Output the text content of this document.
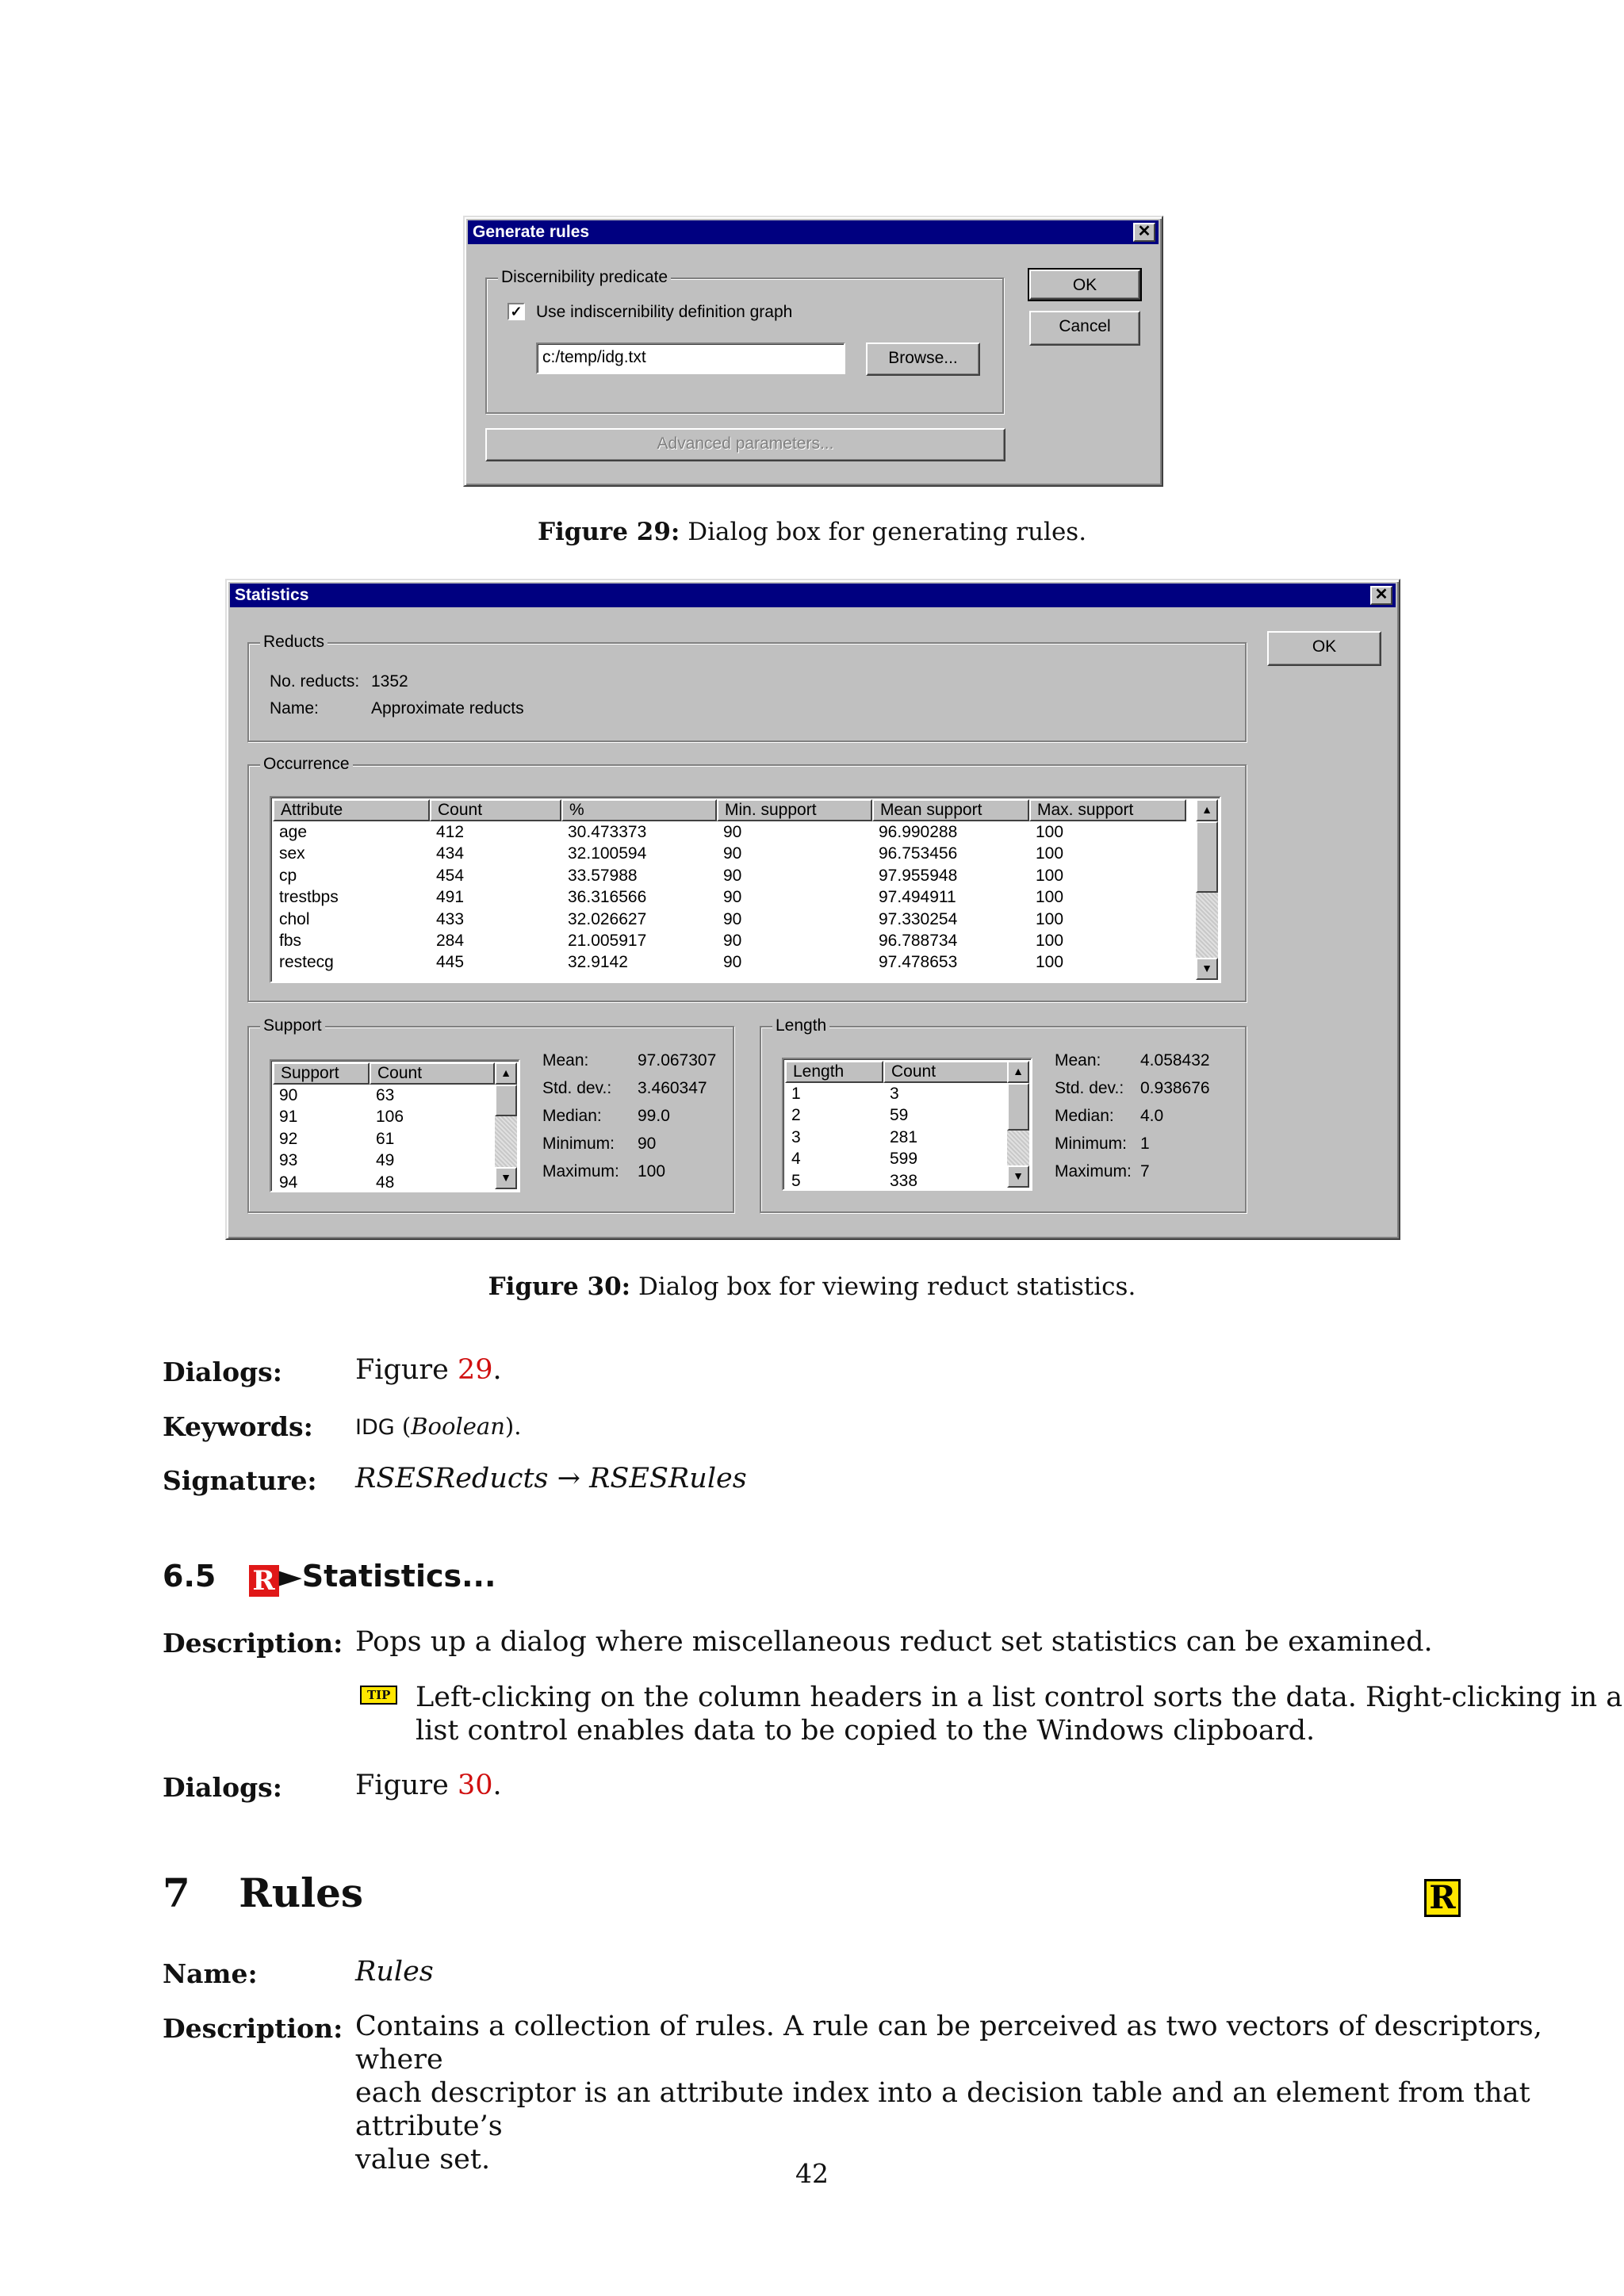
Generate rules	✕
Discernibility predicate
✓ Use indiscernibility definition graph
c:/temp/idg.txt	Browse...
Advanced parameters...
OK
Cancel
Figure 29: Dialog box for generating rules.
Statistics	✕
OK
Reducts
No. reducts: 1352
Name:	Approximate reducts
Occurrence
Attribute	Count	%	Min. support	Mean support	Max. support
age	412	30.473373	90	96.990288	100
sex	434	32.100594	90	96.753456	100
cp	454	33.57988	90	97.955948	100
trestbps	491	36.316566	90	97.494911	100
chol	433	32.026627	90	97.330254	100
fbs	284	21.005917	90	96.788734	100
restecg	445	32.9142	90	97.478653	100
▲
▼
Support
Support	Count
90	63
91	106
92	61
93	49
94	48
▲
▼
Mean:	97.067307
Std. dev.: 3.460347
Median: 99.0
Minimum: 90
Maximum: 100
Length
Length	Count
1	3
2	59
3	281
4	599
5	338
▲
▼
Mean: 4.058432
Std. dev.: 0.938676
Median: 4.0
Minimum: 1
Maximum: 7
Figure 30: Dialog box for viewing reduct statistics.
Dialogs:	Figure 29.
Keywords: IDG (Boolean).
Signature: RSESReducts → RSESRules
6.5 R ►Statistics...
Description: Pops up a dialog where miscellaneous reduct set statistics can be examined.
TIP Left-clicking on the column headers in a list control sorts the data. Right-clicking in a
list control enables data to be copied to the Windows clipboard.
Dialogs:	Figure 30.
7 Rules	R
Name:	Rules
Description: Contains a collection of rules. A rule can be perceived as two vectors of descriptors, where
each descriptor is an attribute index into a decision table and an element from that attribute’s
value set.	42
